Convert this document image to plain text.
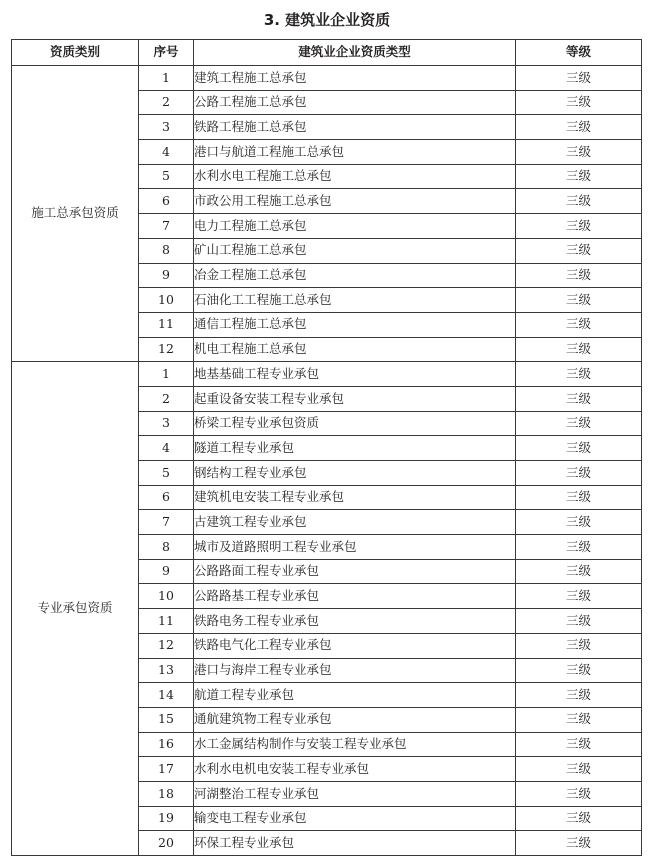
3. 建筑业企业资质
资质类别	序号	建筑业企业资质类型	等级
施工总承包资质	1	建筑工程施工总承包	三级
	2	公路工程施工总承包	三级
	3	铁路工程施工总承包	三级
	4	港口与航道工程施工总承包	三级
	5	水利水电工程施工总承包	三级
	6	市政公用工程施工总承包	三级
	7	电力工程施工总承包	三级
	8	矿山工程施工总承包	三级
	9	冶金工程施工总承包	三级
	10	石油化工工程施工总承包	三级
	11	通信工程施工总承包	三级
	12	机电工程施工总承包	三级
专业承包资质	1	地基基础工程专业承包	三级
	2	起重设备安装工程专业承包	三级
	3	桥梁工程专业承包资质	三级
	4	隧道工程专业承包	三级
	5	钢结构工程专业承包	三级
	6	建筑机电安装工程专业承包	三级
	7	古建筑工程专业承包	三级
	8	城市及道路照明工程专业承包	三级
	9	公路路面工程专业承包	三级
	10	公路路基工程专业承包	三级
	11	铁路电务工程专业承包	三级
	12	铁路电气化工程专业承包	三级
	13	港口与海岸工程专业承包	三级
	14	航道工程专业承包	三级
	15	通航建筑物工程专业承包	三级
	16	水工金属结构制作与安装工程专业承包	三级
	17	水利水电机电安装工程专业承包	三级
	18	河湖整治工程专业承包	三级
	19	输变电工程专业承包	三级
	20	环保工程专业承包	三级
